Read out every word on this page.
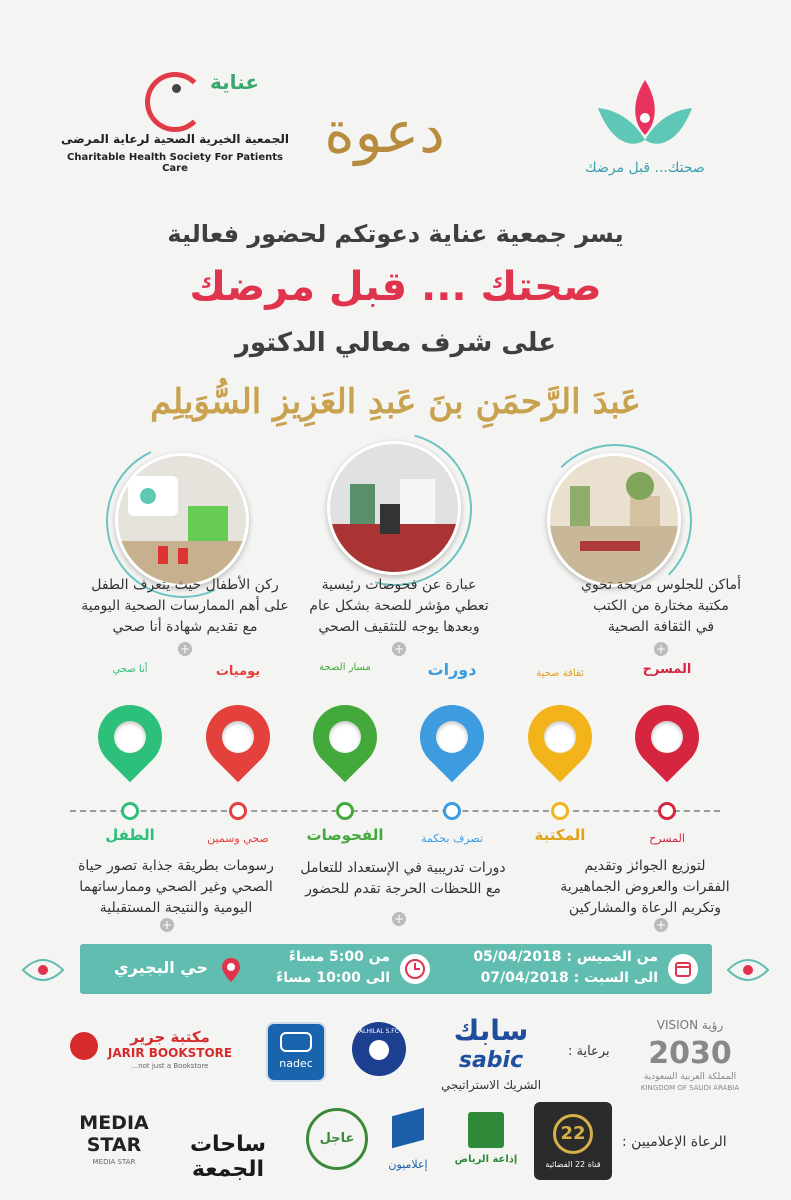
صحتك... قبل مرضك
دعوة
عناية
الجمعية الخيرية الصحية لرعاية المرضى
Charitable Health Society For Patients Care
يسر جمعية عناية دعوتكم لحضور فعالية
صحتك ... قبل مرضك
على شرف معالي الدكتور
عَبدَ الرَّحمَنِ بنَ عَبدِ العَزِيزِ السُّوَيلِم
أماكن للجلوس مريحة تحوي
مكتبة مختارة من الكتب
في الثقافة الصحية
عبارة عن فحوصات رئيسية
تعطي مؤشر للصحة بشكل عام
وبعدها يوجه للتثقيف الصحي
ركن الأطفال حيث يتعرف الطفل
على أهم الممارسات الصحية اليومية
مع تقديم شهادة أنا صحي
+
+
+
المسرح
ثقافة صحية
دورات
مسار الصحة
يوميات
أنا صحي
المسرح
المكتبة
تصرف بحكمة
الفحوصات
صحي وسمين
الطفل
لتوزيع الجوائز وتقديم
الفقرات والعروض الجماهيرية
وتكريم الرعاة والمشاركين
دورات تدريبية في الإستعداد للتعامل
مع اللحظات الحرجة تقدم للحضور
رسومات بطريقة جذابة تصور حياة
الصحي وغير الصحي وممارساتهما
اليومية والنتيجة المستقبلية
+
+
+
من الخميس : 05/04/2018
الى السبت : 07/04/2018
من 5:00 مساءً
الى 10:00 مساءً
حي البجيري
VISION رؤية
2030
المملكة العربية السعودية
KINGDOM OF SAUDI ARABIA
برعاية :
سابك
sabic
الشريك الاستراتيجي
ALHILAL S.FC
nadec
مكتبة جرير
JARIR BOOKSTORE
...not just a Bookstore
الرعاة الإعلاميين :
22
قناة 22 الفضائية
إذاعة الرياض
إعلاميون
عاجل
ساحات الجمعة
MEDIA
STAR
MEDIA STAR
